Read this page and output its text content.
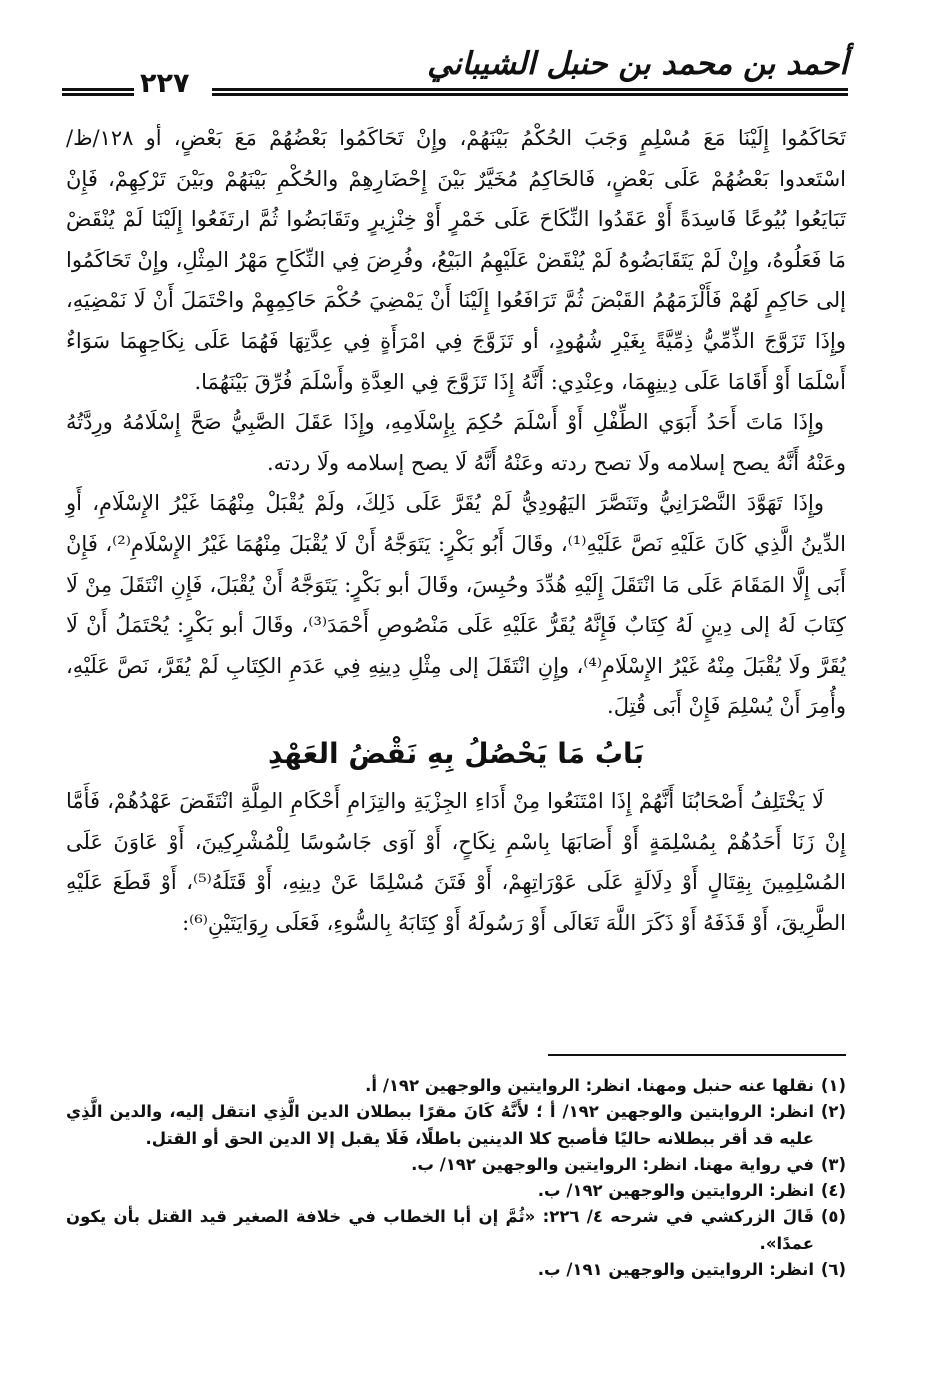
أحمد بن محمد بن حنبل الشيباني
٢٢٧

تَحَاكَمُوا إِلَيْنَا مَعَ مُسْلِمٍ وَجَبَ الحُكْمُ بَيْنَهُمْ، وإِنْ تَحَاكَمُوا بَعْضُهُمْ مَعَ بَعْضٍ، أو ١٢٨/ظ/ اسْتَعدوا بَعْضُهُمْ عَلَى بَعْضٍ، فَالحَاكِمُ مُخَيَّرٌ بَيْنَ إِحْضَارِهِمْ والحُكْمِ بَيْنَهُمْ وبَيْنَ تَرْكِهِمْ، فَإِنْ تَبَايَعُوا بُيُوعًا فَاسِدَةً أَوْ عَقَدُوا النِّكَاحَ عَلَى خَمْرٍ أَوْ خِنْزِيرٍ وتَقَابَضُوا ثُمَّ ارتَفَعُوا إِلَيْنَا لَمْ يُنْقَضْ مَا فَعَلُوهُ، وإِنْ لَمْ يَتَقَابَضُوهُ لَمْ يُنْقَضْ عَلَيْهِمُ البَيْعُ، وفُرِضَ فِي النِّكَاحِ مَهْرُ المِثْلِ، وإِنْ تَحَاكَمُوا إلى حَاكِمٍ لَهُمْ فَأَلْزَمَهُمُ القَبْضَ ثُمَّ تَرَافَعُوا إِلَيْنَا أَنْ يَمْضِيَ حُكْمَ حَاكِمِهِمْ واحْتَمَلَ أَنْ لَا نَمْضِيَهِ، وإِذَا تَزَوَّجَ الذِّمِّيُّ ذِمِّيَّةً بِغَيْرِ شُهُودٍ، أو تَزَوَّجَ فِي امْرَأَةٍ فِي عِدَّتِهَا فَهُمَا عَلَى نِكَاحِهِمَا سَوَاءٌ أَسْلَمَا أَوْ أَقَامَا عَلَى دِينِهِمَا، وعِنْدِي: أَنَّهُ إِذَا تَزَوَّجَ فِي العِدَّةِ وأَسْلَمَ فُرِّقَ بَيْنَهُمَا.

وإِذَا مَاتَ أَحَدُ أَبَوَي الطِّفْلِ أَوْ أَسْلَمَ حُكِمَ بِإِسْلَامِهِ، وإِذَا عَقَلَ الصَّبِيُّ صَحَّ إِسْلَامُهُ ورِدَّتُهُ وعَنْهُ أَنَّهُ يصح إسلامه ولَا تصح ردته وعَنْهُ أَنَّهُ لَا يصح إسلامه ولَا ردته.

وإِذَا تَهَوَّدَ النَّصْرَانِيُّ وتَنَصَّرَ اليَهُودِيُّ لَمْ يُقَرَّ عَلَى ذَلِكَ، ولَمْ يُقْبَلْ مِنْهُمَا غَيْرُ الإِسْلَامِ، أَوِ الدِّينُ الَّذِي كَانَ عَلَيْهِ نَصَّ عَلَيْهِ⁽¹⁾، وقَالَ أَبُو بَكْرٍ: يَتَوَجَّهُ أَنْ لَا يُقْبَلَ مِنْهُمَا غَيْرُ الإِسْلَامِ⁽²⁾، فَإِنْ أَبَى إِلَّا المَقَامَ عَلَى مَا انْتَقَلَ إِلَيْهِ هُدِّدَ وحُبِسَ، وقَالَ أبو بَكْرٍ: يَتَوَجَّهُ أَنْ يُقْبَلَ، فَإِنِ انْتَقَلَ مِنْ لَا كِتَابَ لَهُ إلى دِينٍ لَهُ كِتَابٌ فَإِنَّهُ يُقَرُّ عَلَيْهِ عَلَى مَنْصُوصِ أَحْمَدَ⁽³⁾، وقَالَ أبو بَكْرٍ: يُحْتَمَلُ أَنْ لَا يُقَرَّ ولَا يُقْبَلَ مِنْهُ غَيْرُ الإِسْلَامِ⁽⁴⁾، وإِنِ انْتَقَلَ إلى مِثْلِ دِينِهِ فِي عَدَمِ الكِتَابِ لَمْ يُقَرَّ، نَصَّ عَلَيْهِ، وأُمِرَ أَنْ يُسْلِمَ فَإِنْ أَبَى قُتِلَ.

بَابُ مَا يَحْصُلُ بِهِ نَقْضُ العَهْدِ

لَا يَخْتَلِفُ أَصْحَابُنَا أَنَّهُمْ إِذَا امْتَنَعُوا مِنْ أَدَاءِ الجِزْيَةِ والتِزَامِ أَحْكَامِ المِلَّةِ انْتَقَضَ عَهْدُهُمْ، فَأَمَّا إِنْ زَنَا أَحَدُهُمْ بِمُسْلِمَةٍ أَوْ أَصَابَهَا بِاسْمِ نِكَاحٍ، أَوْ آوَى جَاسُوسًا لِلْمُشْرِكِينَ، أَوْ عَاوَنَ عَلَى المُسْلِمِينَ بِقِتَالٍ أَوْ دِلَالَةٍ عَلَى عَوْرَاتِهِمْ، أَوْ فَتَنَ مُسْلِمًا عَنْ دِينِهِ، أَوْ قَتَلَهُ⁽⁵⁾، أَوْ قَطَعَ عَلَيْهِ الطَّرِيقَ، أَوْ قَذَفَهُ أَوْ ذَكَرَ اللَّهَ تَعَالَى أَوْ رَسُولَهُ أَوْ كِتَابَهُ بِالسُّوءِ، فَعَلَى رِوَايَتَيْنِ⁽⁶⁾:

(١)
نقلها عنه حنبل ومهنا. انظر: الروايتين والوجهين ١٩٢/ أ.

(٢)
انظر: الروايتين والوجهين ١٩٢/ أ ؛ لأَنَّهُ كَانَ مقرًا ببطلان الدين الَّذِي انتقل إليه، والدين الَّذِي عليه قد أقر ببطلانه حاليًا فأصبح كلا الدينين باطلًا، فَلَا يقبل إلا الدين الحق أو القتل.

(٣)
في رواية مهنا. انظر: الروايتين والوجهين ١٩٢/ ب.

(٤)
انظر: الروايتين والوجهين ١٩٢/ ب.

(٥)
قَالَ الزركشي في شرحه ٤/ ٢٢٦: «ثُمَّ إن أبا الخطاب في خلافة الصغير قيد القتل بأن يكون عمدًا».

(٦)
انظر: الروايتين والوجهين ١٩١/ ب.
